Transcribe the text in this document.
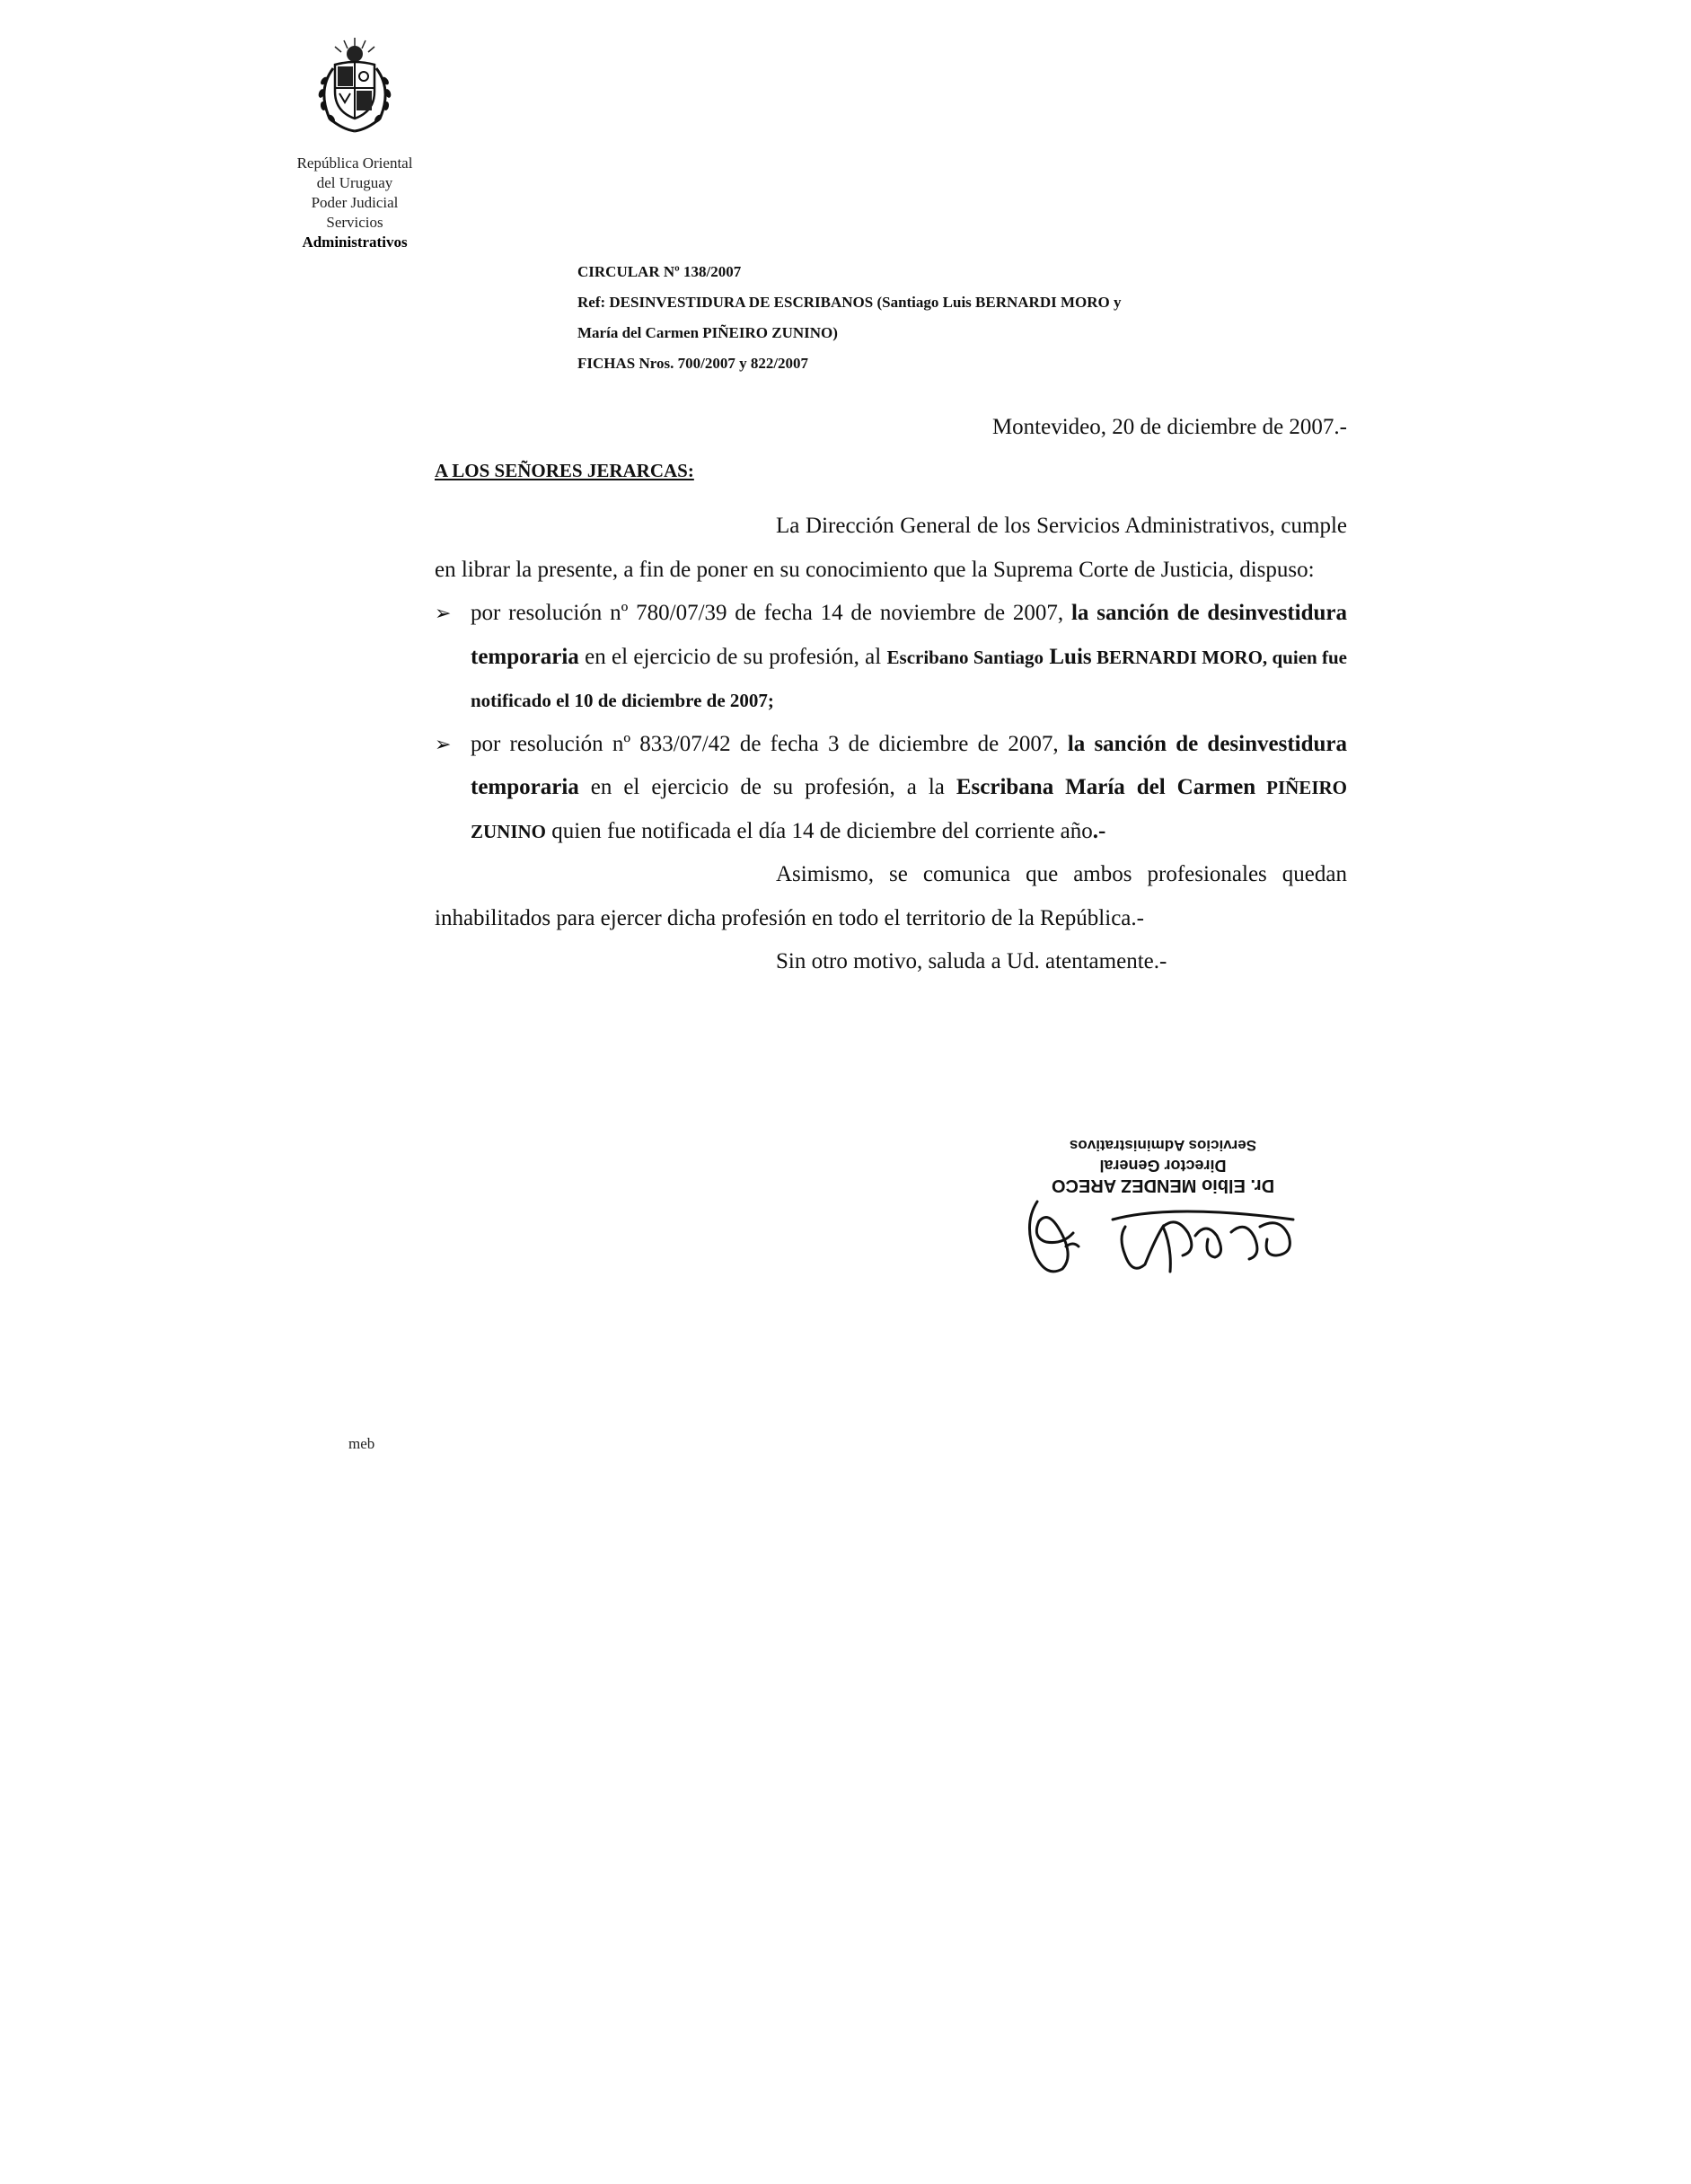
República Oriental
del Uruguay
Poder Judicial
Servicios
Administrativos
CIRCULAR Nº 138/2007
Ref: DESINVESTIDURA DE ESCRIBANOS (Santiago Luis BERNARDI MORO y
María del Carmen PIÑEIRO ZUNINO)
FICHAS Nros. 700/2007 y 822/2007
Montevideo, 20 de diciembre de 2007.-
A LOS SEÑORES JERARCAS:

La Dirección General de los Servicios Administrativos, cumple en librar la presente, a fin de poner en su conocimiento que la Suprema Corte de Justicia, dispuso:

➢ por resolución nº 780/07/39 de fecha 14 de noviembre de 2007, la sanción de desinvestidura temporaria en el ejercicio de su profesión, al Escribano Santiago Luis BERNARDI MORO, quien fue notificado el 10 de diciembre de 2007;
➢ por resolución nº 833/07/42 de fecha 3 de diciembre de 2007, la sanción de desinvestidura temporaria en el ejercicio de su profesión, a la Escribana María del Carmen PIÑEIRO ZUNINO quien fue notificada el día 14 de diciembre del corriente año.-

Asimismo, se comunica que ambos profesionales quedan inhabilitados para ejercer dicha profesión en todo el territorio de la República.-

Sin otro motivo, saluda a Ud. atentamente.-

Dr. Elbio MENDEZ ARECO
Director General
Servicios Administrativos
meb
